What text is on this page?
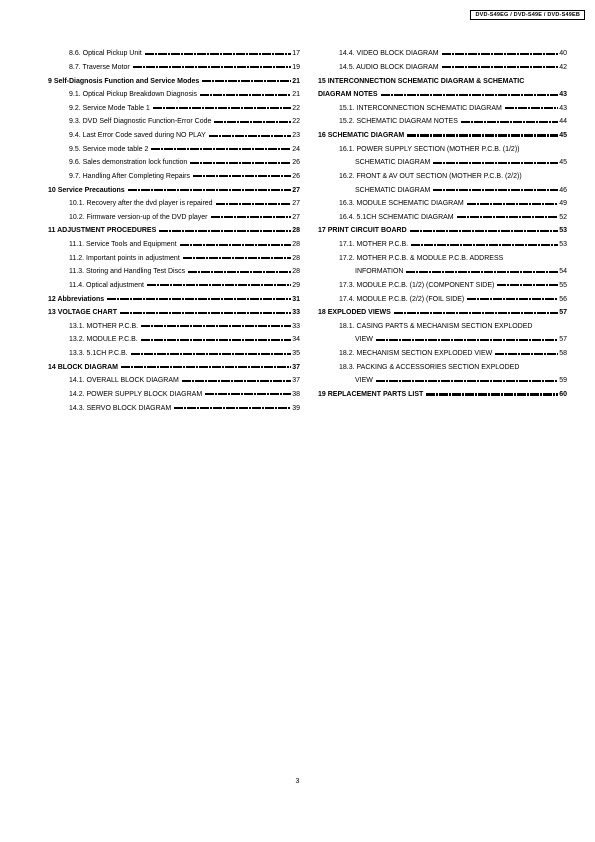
DVD-S49EG / DVD-S49E / DVD-S49EB
8.6. Optical Pickup Unit	17
8.7. Traverse Motor	19
9 Self-Diagnosis Function and Service Modes	21
9.1. Optical Pickup Breakdown Diagnosis	21
9.2. Service Mode Table 1	22
9.3. DVD Self Diagnostic Function-Error Code	22
9.4. Last Error Code saved during NO PLAY	23
9.5. Service mode table 2	24
9.6. Sales demonstration lock function	26
9.7. Handling After Completing Repairs	26
10 Service Precautions	27
10.1. Recovery after the dvd player is repaired	27
10.2. Firmware version-up of the DVD player	27
11 ADJUSTMENT PROCEDURES	28
11.1. Service Tools and Equipment	28
11.2. Important points in adjustment	28
11.3. Storing and Handling Test Discs	28
11.4. Optical adjustment	29
12 Abbreviations	31
13 VOLTAGE CHART	33
13.1. MOTHER P.C.B.	33
13.2. MODULE P.C.B.	34
13.3. 5.1CH P.C.B.	35
14 BLOCK DIAGRAM	37
14.1. OVERALL BLOCK DIAGRAM	37
14.2. POWER SUPPLY BLOCK DIAGRAM	38
14.3. SERVO BLOCK DIAGRAM	39
14.4. VIDEO BLOCK DIAGRAM	40
14.5. AUDIO BLOCK DIAGRAM	42
15 INTERCONNECTION SCHEMATIC DIAGRAM & SCHEMATIC
DIAGRAM NOTES	43
15.1. INTERCONNECTION SCHEMATIC DIAGRAM	43
15.2. SCHEMATIC DIAGRAM NOTES	44
16 SCHEMATIC DIAGRAM	45
16.1. POWER SUPPLY SECTION (MOTHER P.C.B. (1/2))
SCHEMATIC DIAGRAM	45
16.2. FRONT & AV OUT SECTION (MOTHER P.C.B. (2/2))
SCHEMATIC DIAGRAM	46
16.3. MODULE SCHEMATIC DIAGRAM	49
16.4. 5.1CH SCHEMATIC DIAGRAM	52
17 PRINT CIRCUIT BOARD	53
17.1. MOTHER P.C.B.	53
17.2. MOTHER P.C.B. & MODULE P.C.B. ADDRESS
INFORMATION	54
17.3. MODULE P.C.B. (1/2) (COMPONENT SIDE)	55
17.4. MODULE P.C.B. (2/2) (FOIL SIDE)	56
18 EXPLODED VIEWS	57
18.1. CASING PARTS & MECHANISM SECTION EXPLODED
VIEW	57
18.2. MECHANISM SECTION EXPLODED VIEW	58
18.3. PACKING & ACCESSORIES SECTION EXPLODED
VIEW	59
19 REPLACEMENT PARTS LIST	60
3
